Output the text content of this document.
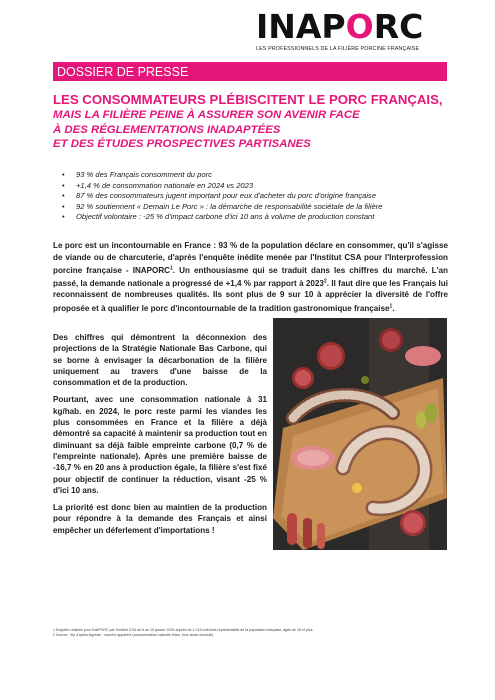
INAPORC
LES PROFESSIONNELS DE LA FILIÈRE PORCINE FRANÇAISE
DOSSIER DE PRESSE
LES CONSOMMATEURS PLÉBISCITENT LE PORC FRANÇAIS,
MAIS LA FILIÈRE PEINE À ASSURER SON AVENIR FACE
À DES RÉGLEMENTATIONS INADAPTÉES
ET DES ÉTUDES PROSPECTIVES PARTISANES
• 93 % des Français consomment du porc
• +1,4 % de consommation nationale en 2024 vs 2023
• 87 % des consommateurs jugent important pour eux d'acheter du porc d'origine française
• 92 % soutiennent « Demain Le Porc » : la démarche de responsabilité sociétale de la filière
• Objectif volontaire : -25 % d'impact carbone d'ici 10 ans à volume de production constant

Le porc est un incontournable en France : 93 % de la population déclare en consommer, qu'il s'agisse de viande ou de charcuterie, d'après l'enquête inédite menée par l'Institut CSA pour l'Interprofession porcine française - INAPORC$^1$. Un enthousiasme qui se traduit dans les chiffres du marché. L'an passé, la demande nationale a progressé de +1,4 % par rapport à 2023$^2$. Il faut dire que les Français lui reconnaissent de nombreuses qualités. Ils sont plus de 9 sur 10 à apprécier la diversité de l'offre proposée et à qualifier le porc d'incontournable de la tradition gastronomique française$^1$.

Des chiffres qui démontrent la déconnexion des projections de la Stratégie Nationale Bas Carbone, qui se borne à envisager la décarbonation de la filière uniquement au travers d'une baisse de la consommation et de la production.

Pourtant, avec une consommation nationale à 31 kg/hab. en 2024, le porc reste parmi les viandes les plus consommées en France et la filière a déjà démontré sa capacité à maintenir sa production tout en diminuant sa déjà faible empreinte carbone (0,7 % de l'empreinte nationale). Après une première baisse de -16,7 % en 20 ans à production égale, la filière s'est fixé pour objectif de continuer la réduction, visant -25 % d'ici 10 ans.

La priorité est donc bien au maintien de la production pour répondre à la demande des Français et ainsi empêcher un déferlement d'importations !

1 Enquête réalisée pour INAPORC par l'Institut CSA du 6 au 10 janvier 2024 auprès de 1 013 individus représentatifs de la population française, âgés de 18 et plus.
2 Source : Ifip d'après Agreste - marché apparent (consommation calculée bilan, hors stock domicile)
